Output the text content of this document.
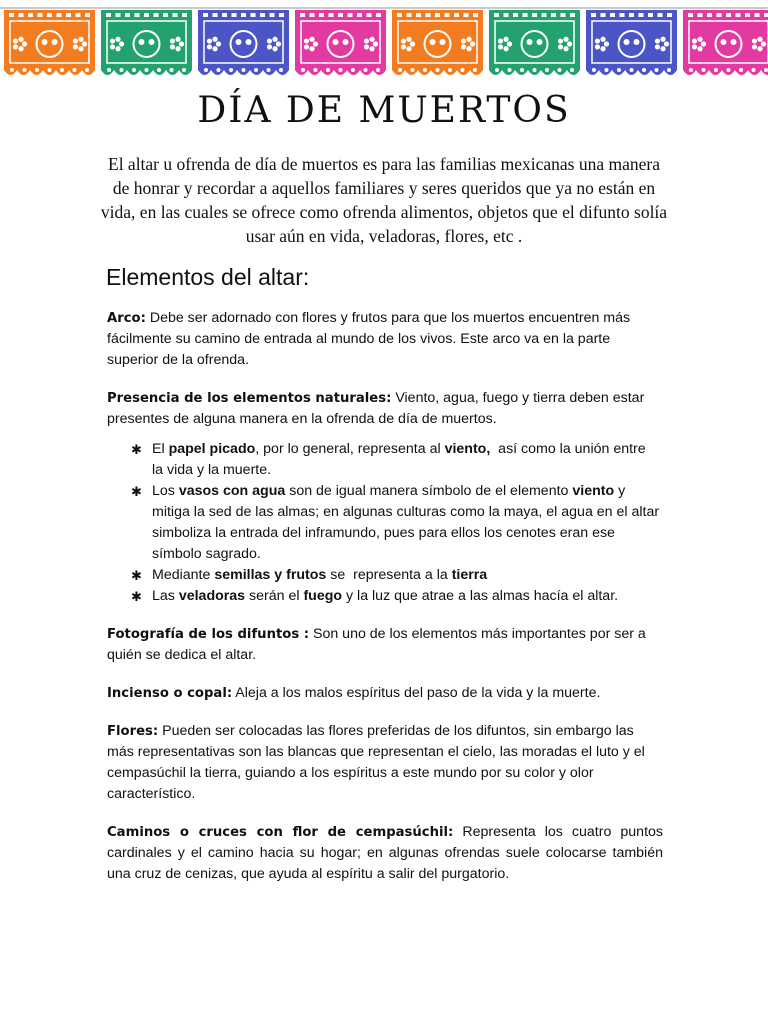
DÍA DE MUERTOS
El altar u ofrenda de día de muertos es para las familias mexicanas una manera de honrar y recordar a aquellos familiares y seres queridos que ya no están en vida, en las cuales se ofrece como ofrenda alimentos, objetos que el difunto solía usar aún en vida, veladoras, flores, etc .
Elementos del altar:

Arco: Debe ser adornado con flores y frutos para que los muertos encuentren más fácilmente su camino de entrada al mundo de los vivos. Este arco va en la parte superior de la ofrenda.

Presencia de los elementos naturales: Viento, agua, fuego y tierra deben estar presentes de alguna manera en la ofrenda de día de muertos.

✱ El papel picado, por lo general, representa al viento,  así como la unión entre        la vida y la muerte.
✱ Los vasos con agua son de igual manera símbolo de el elemento viento y mitiga la sed de las almas; en algunas culturas como la maya, el agua en el altar simboliza la entrada del inframundo, pues para ellos los cenotes eran ese símbolo sagrado.
✱ Mediante semillas y frutos se  representa a la tierra
✱ Las veladoras serán el fuego y la luz que atrae a las almas hacía el altar.

Fotografía de los difuntos : Son uno de los elementos más importantes por ser a quién se dedica el altar.

Incienso o copal: Aleja a los malos espíritus del paso de la vida y la muerte.

Flores: Pueden ser colocadas las flores preferidas de los difuntos, sin embargo las más representativas son las blancas que representan el cielo, las moradas el luto y el cempasúchil la tierra, guiando a los espíritus a este mundo por su color y olor característico.

Caminos o cruces con flor de cempasúchil: Representa los cuatro puntos cardinales y el camino hacia su hogar; en algunas ofrendas suele colocarse también una cruz de cenizas, que ayuda al espíritu a salir del purgatorio.
